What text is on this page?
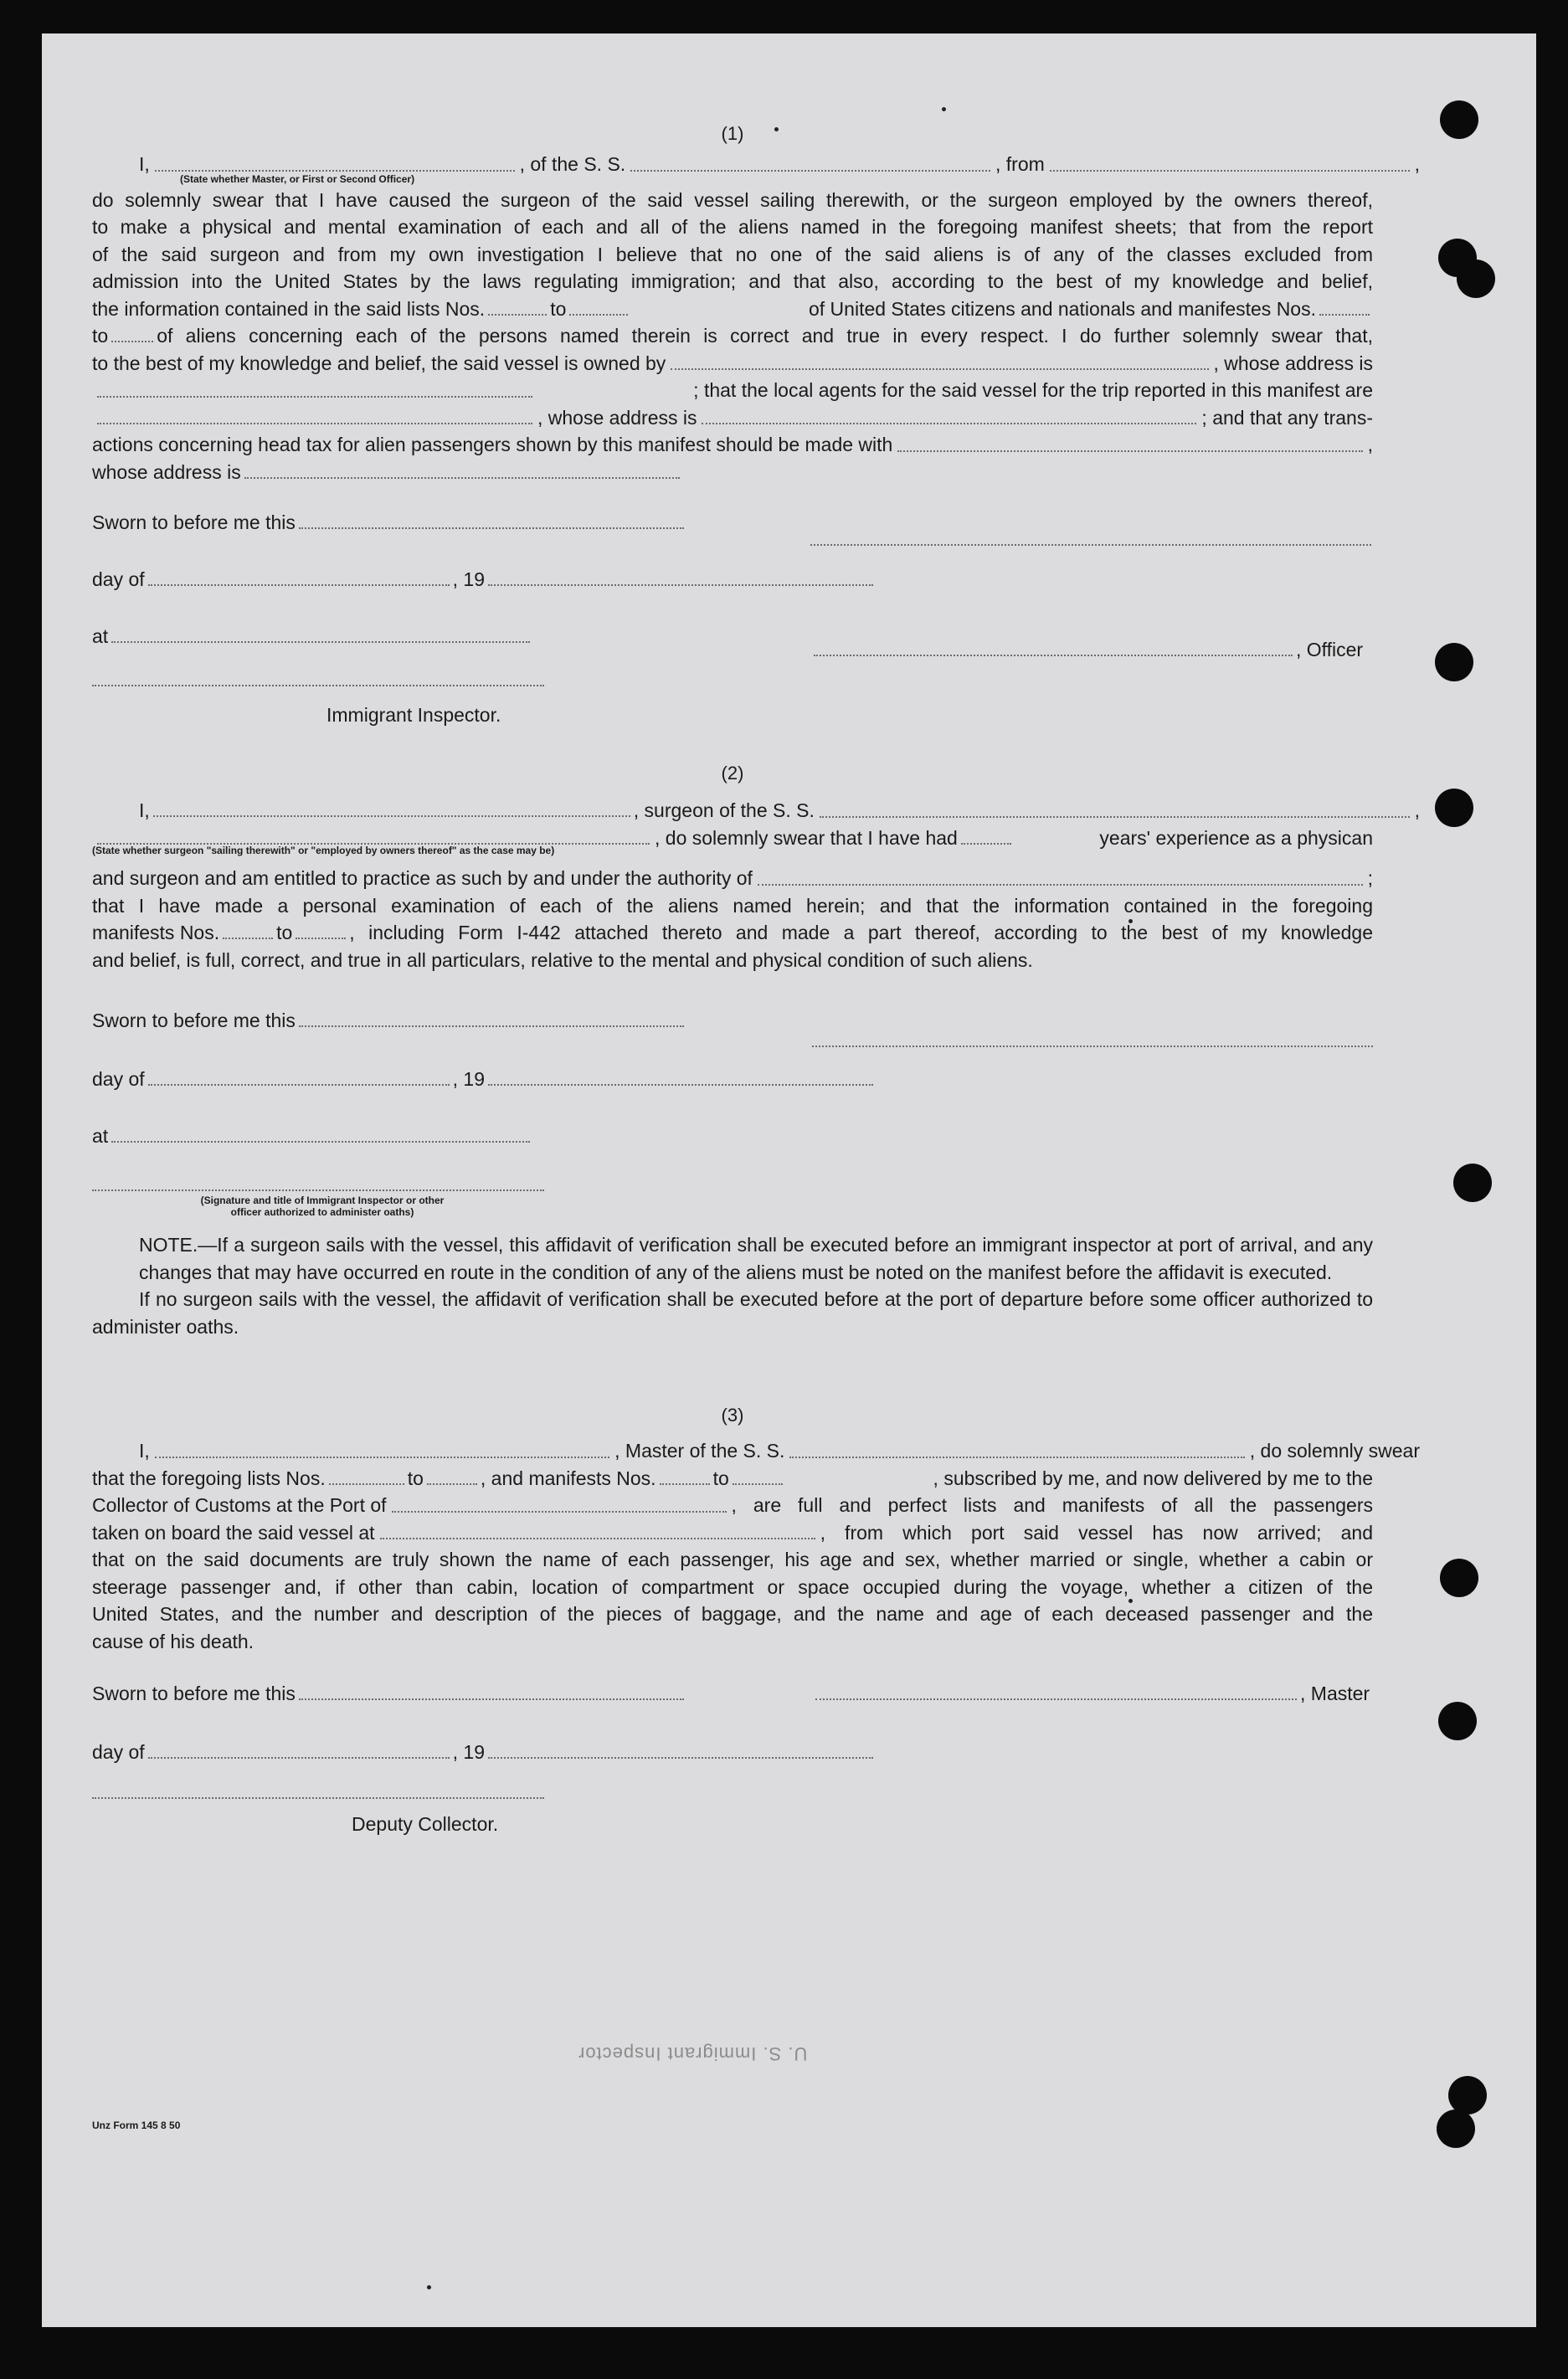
(1)

I,	, of the S. S.	, from	,
(State whether Master, or First or Second Officer)

do solemnly swear that I have caused the surgeon of the said vessel sailing therewith, or the surgeon employed by the owners thereof,

to make a physical and mental examination of each and all of the aliens named in the foregoing manifest sheets; that from the report

of the said surgeon and from my own investigation I believe that no one of the said aliens is of any of the classes excluded from

admission into the United States by the laws regulating immigration; and that also, according to the best of my knowledge and belief,

the information contained in the said lists Nos.	to	of United States citizens and nationals and manifestes Nos.
to	of aliens concerning each of the persons named therein is correct and true in every respect. I do further solemnly swear that,
to the best of my knowledge and belief, the said vessel is owned by	, whose address is
; that the local agents for the said vessel for the trip reported in this manifest are
, whose address is	; and that any trans-
actions concerning head tax for alien passengers shown by this manifest should be made with	,
whose address is
Sworn to before me this
day of	, 19
at
, Officer
Immigrant Inspector.

(2)

I,	, surgeon of the S. S.	,
, do solemnly swear that I have had	years' experience as a physican
(State whether surgeon "sailing therewith" or "employed by owners thereof" as the case may be)
and surgeon and am entitled to practice as such by and under the authority of	;

that I have made a personal examination of each of the aliens named herein; and that the information contained in the foregoing

manifests Nos.	to	, including Form I-442 attached thereto and made a part thereof, according to the best of my knowledge

and belief, is full, correct, and true in all particulars, relative to the mental and physical condition of such aliens.

Sworn to before me this
day of	, 19
at
(Signature and title of Immigrant Inspector or other
officer authorized to administer oaths)

NOTE.—If a surgeon sails with the vessel, this affidavit of verification shall be executed before an immigrant inspector at port of arrival, and any changes that may have occurred en route in the condition of any of the aliens must be noted on the manifest before the affidavit is executed.

If no surgeon sails with the vessel, the affidavit of verification shall be executed before at the port of departure before some officer authorized to administer oaths.

(3)

I,	, Master of the S. S.	, do solemnly swear
that the foregoing lists Nos.	to	, and manifests Nos.	to	, subscribed by me, and now delivered by me to the
Collector of Customs at the Port of	, are full and perfect lists and manifests of all the passengers
taken on board the said vessel at	, from which port said vessel has now arrived; and

that on the said documents are truly shown the name of each passenger, his age and sex, whether married or single, whether a cabin or

steerage passenger and, if other than cabin, location of compartment or space occupied during the voyage, whether a citizen of the

United States, and the number and description of the pieces of baggage, and the name and age of each deceased passenger and the

cause of his death.

Sworn to before me this	, Master
day of	, 19
Deputy Collector.
U. S. Immigrant Inspector
Unz Form 145 8 50
